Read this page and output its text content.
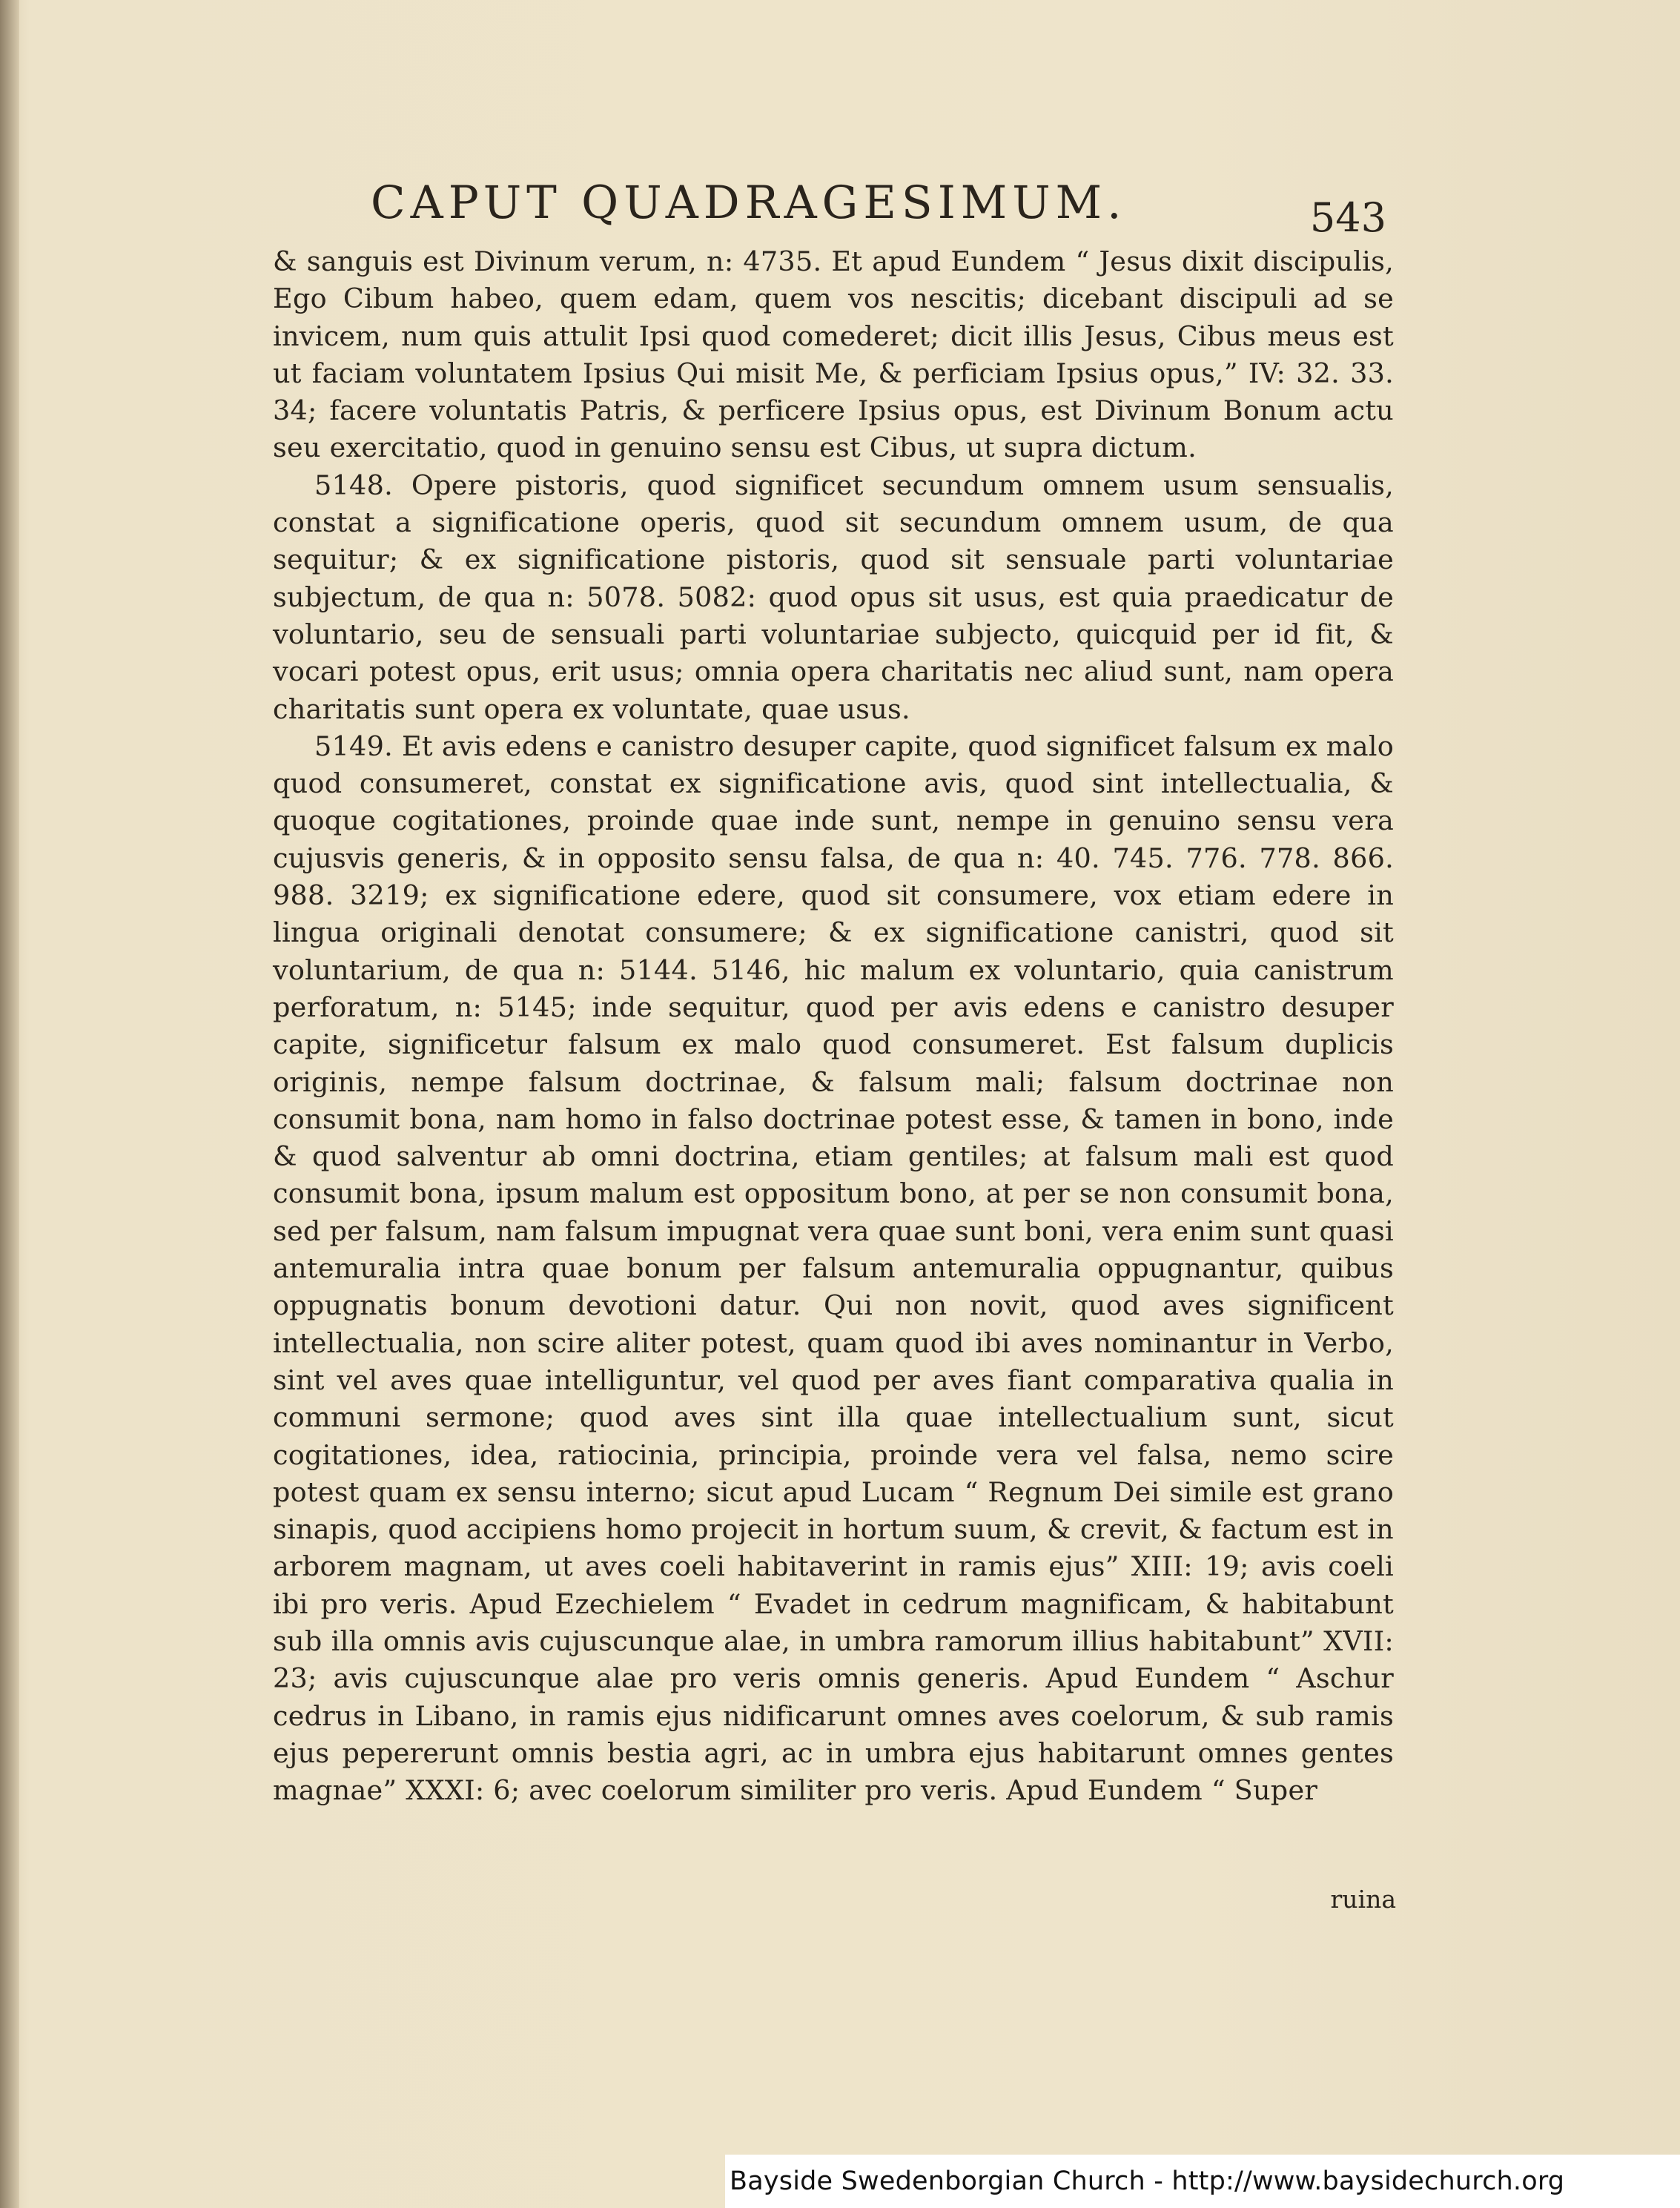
CAPUT QUADRAGESIMUM.	543

& sanguis est Divinum verum, n: 4735. Et apud Eundem “ Jesus dixit discipulis, Ego Cibum habeo, quem edam, quem vos nescitis; dicebant discipuli ad se invicem, num quis attulit Ipsi quod comederet; dicit illis Jesus, Cibus meus est ut faciam voluntatem Ipsius Qui misit Me, & perficiam Ipsius opus,” IV: 32. 33. 34; facere voluntatis Patris, & perficere Ipsius opus, est Divinum Bonum actu seu exercitatio, quod in genuino sensu est Cibus, ut supra dictum.

5148. Opere pistoris, quod significet secundum omnem usum sensualis, constat a significatione operis, quod sit secundum omnem usum, de qua sequitur; & ex significatione pistoris, quod sit sensuale parti voluntariae subjectum, de qua n: 5078. 5082: quod opus sit usus, est quia praedicatur de voluntario, seu de sensuali parti voluntariae subjecto, quicquid per id fit, & vocari potest opus, erit usus; omnia opera charitatis nec aliud sunt, nam opera charitatis sunt opera ex voluntate, quae usus.

5149. Et avis edens e canistro desuper capite, quod significet falsum ex malo quod consumeret, constat ex significatione avis, quod sint intellectualia, & quoque cogitationes, proinde quae inde sunt, nempe in genuino sensu vera cujusvis generis, & in opposito sensu falsa, de qua n: 40. 745. 776. 778. 866. 988. 3219; ex significatione edere, quod sit consumere, vox etiam edere in lingua originali denotat consumere; & ex significatione canistri, quod sit voluntarium, de qua n: 5144. 5146, hic malum ex voluntario, quia canistrum perforatum, n: 5145; inde sequitur, quod per avis edens e canistro desuper capite, significetur falsum ex malo quod consumeret. Est falsum duplicis originis, nempe falsum doctrinae, & falsum mali; falsum doctrinae non consumit bona, nam homo in falso doctrinae potest esse, & tamen in bono, inde & quod salventur ab omni doctrina, etiam gentiles; at falsum mali est quod consumit bona, ipsum malum est oppositum bono, at per se non consumit bona, sed per falsum, nam falsum impugnat vera quae sunt boni, vera enim sunt quasi antemuralia intra quae bonum per falsum antemuralia oppugnantur, quibus oppugnatis bonum devotioni datur. Qui non novit, quod aves significent intellectualia, non scire aliter potest, quam quod ibi aves nominantur in Verbo, sint vel aves quae intelliguntur, vel quod per aves fiant comparativa qualia in communi sermone; quod aves sint illa quae intellectualium sunt, sicut cogitationes, idea, ratiocinia, principia, proinde vera vel falsa, nemo scire potest quam ex sensu interno; sicut apud Lucam “ Regnum Dei simile est grano sinapis, quod accipiens homo projecit in hortum suum, & crevit, & factum est in arborem magnam, ut aves coeli habitaverint in ramis ejus” XIII: 19; avis coeli ibi pro veris. Apud Ezechielem “ Evadet in cedrum magnificam, & habitabunt sub illa omnis avis cujuscunque alae, in umbra ramorum illius habitabunt” XVII: 23; avis cujuscunque alae pro veris omnis generis. Apud Eundem “ Aschur cedrus in Libano, in ramis ejus nidificarunt omnes aves coelorum, & sub ramis ejus pepererunt omnis bestia agri, ac in umbra ejus habitarunt omnes gentes magnae” XXXI: 6; avec coelorum similiter pro veris. Apud Eundem “ Super

ruina
Bayside Swedenborgian Church - http://www.baysidechurch.org
